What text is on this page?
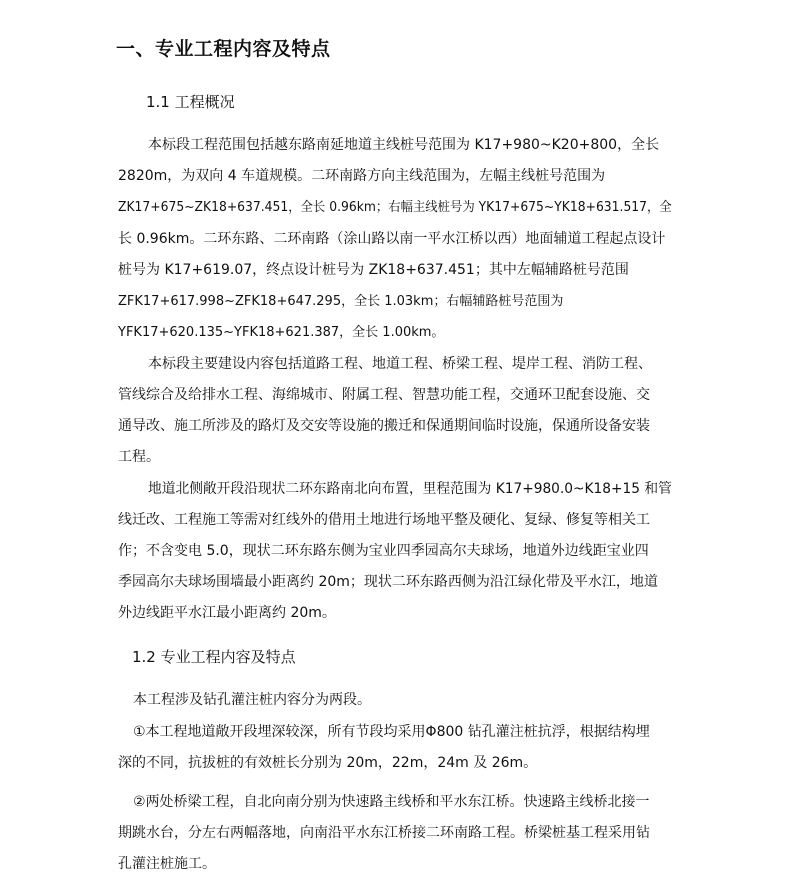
一、专业工程内容及特点
1.1 工程概况
本标段工程范围包括越东路南延地道主线桩号范围为 K17+980~K20+800，全长
2820m，为双向 4 车道规模。二环南路方向主线范围为，左幅主线桩号范围为
ZK17+675~ZK18+637.451，全长 0.96km；右幅主线桩号为 YK17+675~YK18+631.517，全
长 0.96km。二环东路、二环南路（涂山路以南一平水江桥以西）地面辅道工程起点设计
桩号为 K17+619.07，终点设计桩号为 ZK18+637.451；其中左幅辅路桩号范围
ZFK17+617.998~ZFK18+647.295，全长 1.03km；右幅辅路桩号范围为
YFK17+620.135~YFK18+621.387，全长 1.00km。
本标段主要建设内容包括道路工程、地道工程、桥梁工程、堤岸工程、消防工程、
管线综合及给排水工程、海绵城市、附属工程、智慧功能工程，交通环卫配套设施、交
通导改、施工所涉及的路灯及交安等设施的搬迁和保通期间临时设施，保通所设备安装
工程。
地道北侧敞开段沿现状二环东路南北向布置，里程范围为 K17+980.0~K18+15 和管
线迁改、工程施工等需对红线外的借用土地进行场地平整及硬化、复绿、修复等相关工
作；不含变电 5.0，现状二环东路东侧为宝业四季园高尔夫球场，地道外边线距宝业四
季园高尔夫球场围墙最小距离约 20m；现状二环东路西侧为沿江绿化带及平水江，地道
外边线距平水江最小距离约 20m。
1.2 专业工程内容及特点
本工程涉及钻孔灌注桩内容分为两段。
①本工程地道敞开段埋深较深，所有节段均采用Φ800 钻孔灌注桩抗浮，根据结构埋
深的不同，抗拔桩的有效桩长分别为 20m，22m，24m 及 26m。
②两处桥梁工程，自北向南分别为快速路主线桥和平水东江桥。快速路主线桥北接一
期跳水台，分左右两幅落地，向南沿平水东江桥接二环南路工程。桥梁桩基工程采用钻
孔灌注桩施工。
